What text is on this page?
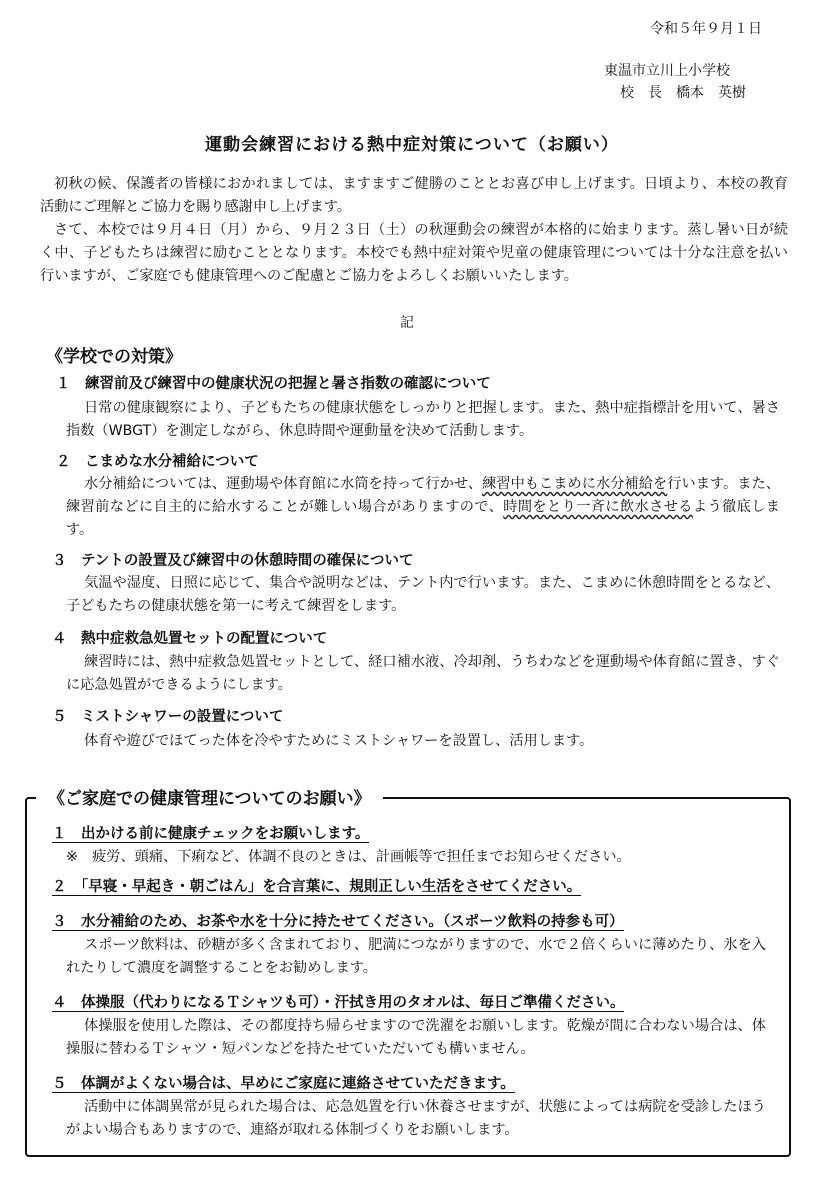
令和５年９月１日
東温市立川上小学校
校　長 橋本　英樹
運動会練習における熱中症対策について（お願い）
初秋の候、保護者の皆様におかれましては、ますますご健勝のこととお喜び申し上げます。日頃より、本校の教育活動にご理解とご協力を賜り感謝申し上げます。
さて、本校では９月４日（月）から、９月２３日（土）の秋運動会の練習が本格的に始まります。蒸し暑い日が続く中、子どもたちは練習に励むこととなります。本校でも熱中症対策や児童の健康管理については十分な注意を払い行いますが、ご家庭でも健康管理へのご配慮とご協力をよろしくお願いいたします。
記
《学校での対策》
１　 練習前及び練習中の健康状況の把握と暑さ指数の確認について
日常の健康観察により、子どもたちの健康状態をしっかりと把握します。また、熱中症指標計を用いて、暑さ指数（WBGT）を測定しながら、休息時間や運動量を決めて活動します。
２　 こまめな水分補給について
水分補給については、運動場や体育館に水筒を持って行かせ、練習中もこまめに水分補給を行います。また、練習前などに自主的に給水することが難しい場合がありますので、時間をとり一斉に飲水させるよう徹底します。
３　 テントの設置及び練習中の休憩時間の確保について
気温や湿度、日照に応じて、集合や説明などは、テント内で行います。また、こまめに休憩時間をとるなど、子どもたちの健康状態を第一に考えて練習をします。
４　 熱中症救急処置セットの配置について
練習時には、熱中症救急処置セットとして、経口補水液、冷却剤、うちわなどを運動場や体育館に置き、すぐに応急処置ができるようにします。
５　 ミストシャワーの設置について
体育や遊びでほてった体を冷やすためにミストシャワーを設置し、活用します。
《ご家庭での健康管理についてのお願い》
１　 出かける前に健康チェックをお願いします。
※　疲労、頭痛、下痢など、体調不良のときは、計画帳等で担任までお知らせください。
２　 「早寝・早起き・朝ごはん」を合言葉に、規則正しい生活をさせてください。
３　 水分補給のため、お茶や水を十分に持たせてください。（スポーツ飲料の持参も可）
スポーツ飲料は、砂糖が多く含まれており、肥満につながりますので、水で２倍くらいに薄めたり、氷を入れたりして濃度を調整することをお勧めします。
４　 体操服（代わりになるＴシャツも可）・汗拭き用のタオルは、毎日ご準備ください。
体操服を使用した際は、その都度持ち帰らせますので洗濯をお願いします。乾燥が間に合わない場合は、体操服に替わるＴシャツ・短パンなどを持たせていただいても構いません。
５　 体調がよくない場合は、早めにご家庭に連絡させていただきます。
活動中に体調異常が見られた場合は、応急処置を行い休養させますが、状態によっては病院を受診したほうがよい場合もありますので、連絡が取れる体制づくりをお願いします。
